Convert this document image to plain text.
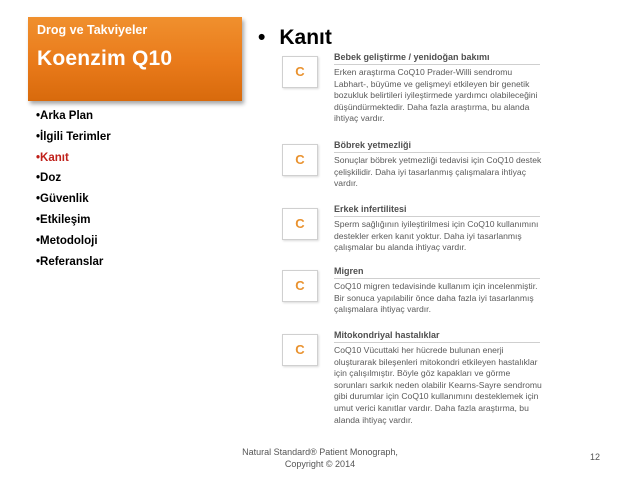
Drog ve Takviyeler
Koenzim Q10
•Arka Plan
•İlgili Terimler
•Kanıt
•Doz
•Güvenlik
•Etkileşim
•Metodoloji
•Referanslar
• Kanıt
C
Bebek gelişt​irme / yenidoğan bakımı

Erken araştırma CoQ10 Prader-Willi sendromu Labhart-, büyüme ve gelişmeyi etkileyen bir genetik bozukluk belirtileri iyileştirmede yardımcı olabileceğini düşündürmektedir. Daha fazla araştırma, bu alanda ihtiyaç vardır.

C
Böbrek yetmezliği

Sonuçlar böbrek yetmezliği tedavisi için CoQ10 destek çelişkilidir. Daha iyi tasarlanmış çalışmalara ihtiyaç vardır.

C
Erkek infertilitesi

Sperm sağlığının iyileştirilmesi için CoQ10 kullanımını destekler erken kanıt yoktur. Daha iyi tasarlanmış çalışmalar bu alanda ihtiyaç vardır.

C
Migren

CoQ10 migren tedavisinde kullanım için incelenmiştir. Bir sonuca yapılabilir önce daha fazla iyi tasarlanmış çalışmalara ihtiyaç vardır.

C
Mitokondriyal hastalıklar

CoQ10 Vücuttaki her hücrede bulunan enerji oluşturarak bileşenleri mitokondri etkileyen hastalıklar için çalışılmıştır. Böyle göz kapakları ve görme sorunları sarkık neden olabilir Kearns-Sayre sendromu gibi durumlar için CoQ10 kullanımını desteklemek için umut verici kanıtlar vardır. Daha fazla araştırma, bu alanda ihtiyaç vardır.

Natural Standard® Patient Monograph,
Copyright © 2014
12
